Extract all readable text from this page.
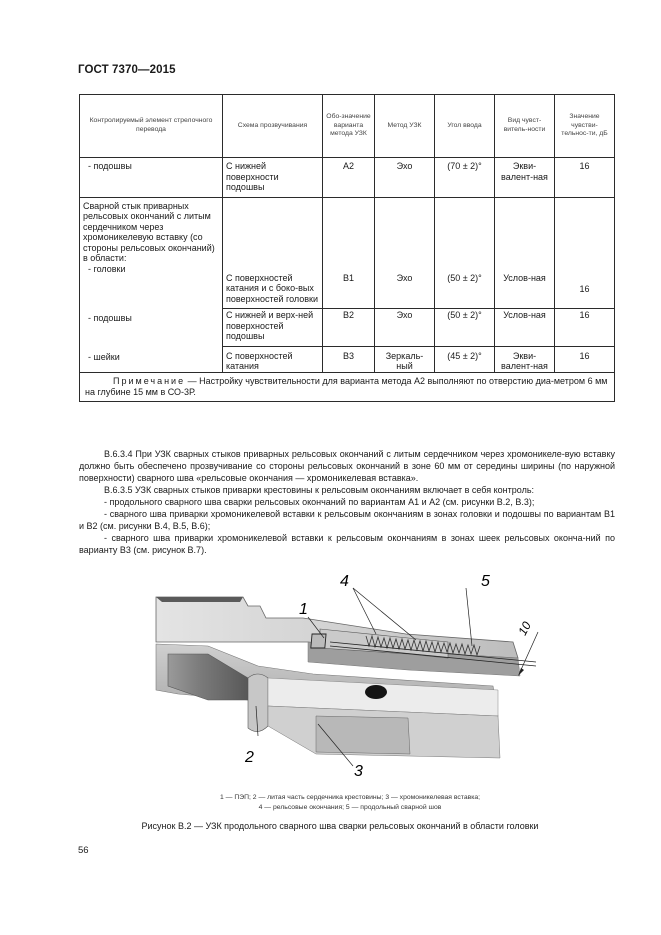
ГОСТ 7370—2015
Контролируемый элемент стрелочного перевода	Схема прозвучивания	Обо-значение варианта метода УЗК	Метод УЗК	Угол ввода	Вид чувст-витель-ности	Значение чувстви-тельнос-ти, дБ
- подошвы	С нижней поверхности подошвы	А2	Эхо	(70 ± 2)°	Экви-валент-ная	16

Сварной стык приварных рельсовых окончаний с литым сердечником через хромоникелевую вставку (со стороны рельсовых окончаний) в области:
- головки	С поверхностей катания и с боко-вых поверхностей головки	В1	Эхо	(50 ± 2)°	Услов-ная	16
- подошвы	С нижней и верх-ней поверхностей подошвы	В2	Эхо	(50 ± 2)°	Услов-ная	16
- шейки	С поверхностей катания	В3	Зеркаль-ный	(45 ± 2)°	Экви-валент-ная	16
Примечание — Настройку чувствительности для варианта метода А2 выполняют по отверстию диа-метром 6 мм на глубине 15 мм в СО-3Р.						

В.6.3.4 При УЗК сварных стыков приварных рельсовых окончаний с литым сердечником через хромоникеле-вую вставку должно быть обеспечено прозвучивание со стороны рельсовых окончаний в зоне 60 мм от середины ширины (по наружной поверхности) сварного шва «рельсовые окончания — хромоникелевая вставка».

В.6.3.5 УЗК сварных стыков приварки крестовины к рельсовым окончаниям включает в себя контроль:

- продольного сварного шва сварки рельсовых окончаний по вариантам А1 и А2 (см. рисунки В.2, В.3);

- сварного шва приварки хромоникелевой вставки к рельсовым окончаниям в зонах головки и подошвы по вариантам В1 и В2 (см. рисунки В.4, В.5, В.6);

- сварного шва приварки хромоникелевой вставки к рельсовым окончаниям в зонах шеек рельсовых оконча-ний по варианту В3 (см. рисунок В.7).

1
4	5
10
2
3
1 — ПЭП; 2 — литая часть сердечника крестовины; 3 — хромоникелевая вставка;
4 — рельсовые окончания; 5 — продольный сварной шов
Рисунок В.2 — УЗК продольного сварного шва сварки рельсовых окончаний в области головки
56
